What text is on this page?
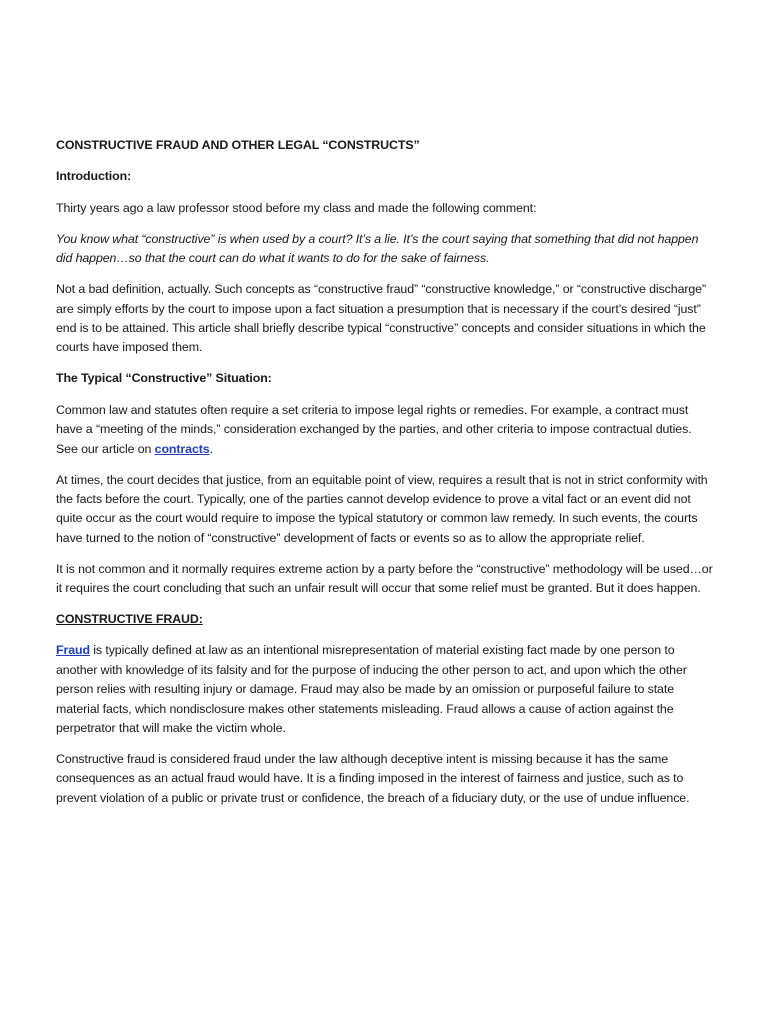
CONSTRUCTIVE FRAUD AND OTHER LEGAL “CONSTRUCTS”

Introduction:

Thirty years ago a law professor stood before my class and made the following comment:

You know what “constructive” is when used by a court? It’s a lie. It’s the court saying that something that did not happen did happen…so that the court can do what it wants to do for the sake of fairness.

Not a bad definition, actually. Such concepts as “constructive fraud” “constructive knowledge,” or “constructive discharge” are simply efforts by the court to impose upon a fact situation a presumption that is necessary if the court’s desired “just” end is to be attained. This article shall briefly describe typical “constructive” concepts and consider situations in which the courts have imposed them.

The Typical “Constructive” Situation:

Common law and statutes often require a set criteria to impose legal rights or remedies. For example, a contract must have a “meeting of the minds,” consideration exchanged by the parties, and other criteria to impose contractual duties. See our article on contracts.

At times, the court decides that justice, from an equitable point of view, requires a result that is not in strict conformity with the facts before the court. Typically, one of the parties cannot develop evidence to prove a vital fact or an event did not quite occur as the court would require to impose the typical statutory or common law remedy. In such events, the courts have turned to the notion of “constructive” development of facts or events so as to allow the appropriate relief.

It is not common and it normally requires extreme action by a party before the “constructive” methodology will be used…or it requires the court concluding that such an unfair result will occur that some relief must be granted. But it does happen.

CONSTRUCTIVE FRAUD:

Fraud is typically defined at law as an intentional misrepresentation of material existing fact made by one person to another with knowledge of its falsity and for the purpose of inducing the other person to act, and upon which the other person relies with resulting injury or damage. Fraud may also be made by an omission or purposeful failure to state material facts, which nondisclosure makes other statements misleading. Fraud allows a cause of action against the perpetrator that will make the victim whole.

Constructive fraud is considered fraud under the law although deceptive intent is missing because it has the same consequences as an actual fraud would have. It is a finding imposed in the interest of fairness and justice, such as to prevent violation of a public or private trust or confidence, the breach of a fiduciary duty, or the use of undue influence.
